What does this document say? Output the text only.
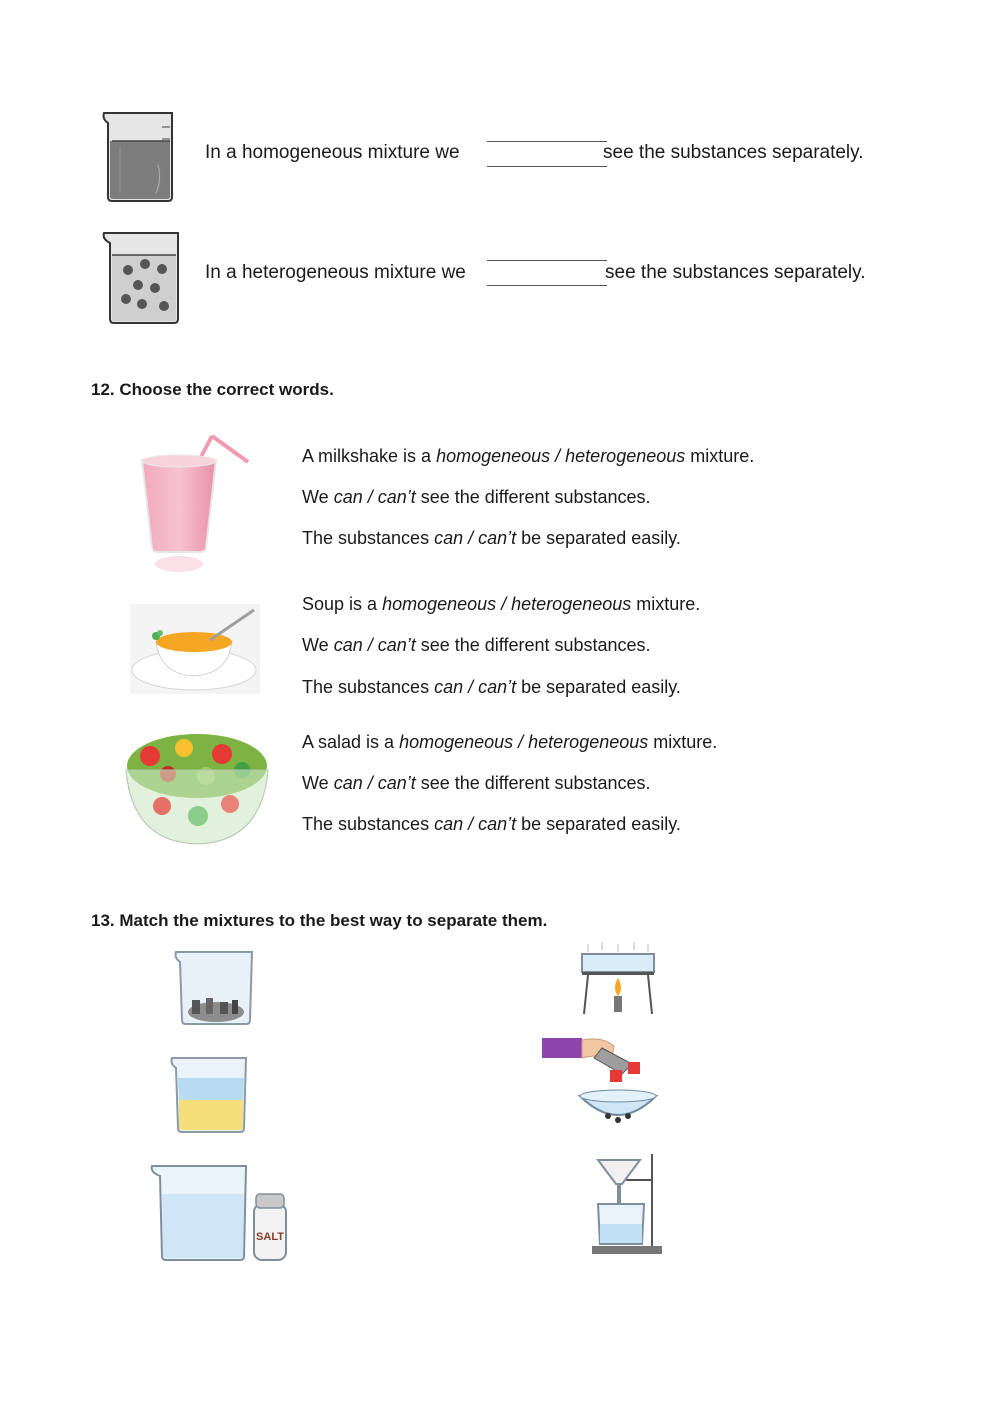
In a homogeneous mixture we	see the substances separately.
In a heterogeneous mixture we	see the substances separately.
12. Choose the correct words.
A milkshake is a homogeneous / heterogeneous mixture.
We can / can’t see the different substances.
The substances can / can’t be separated easily.
Soup is a homogeneous / heterogeneous mixture.
We can / can’t see the different substances.
The substances can / can’t be separated easily.
A salad is a homogeneous / heterogeneous mixture.
We can / can’t see the different substances.
The substances can / can’t be separated easily.
13. Match the mixtures to the best way to separate them.
SALT
